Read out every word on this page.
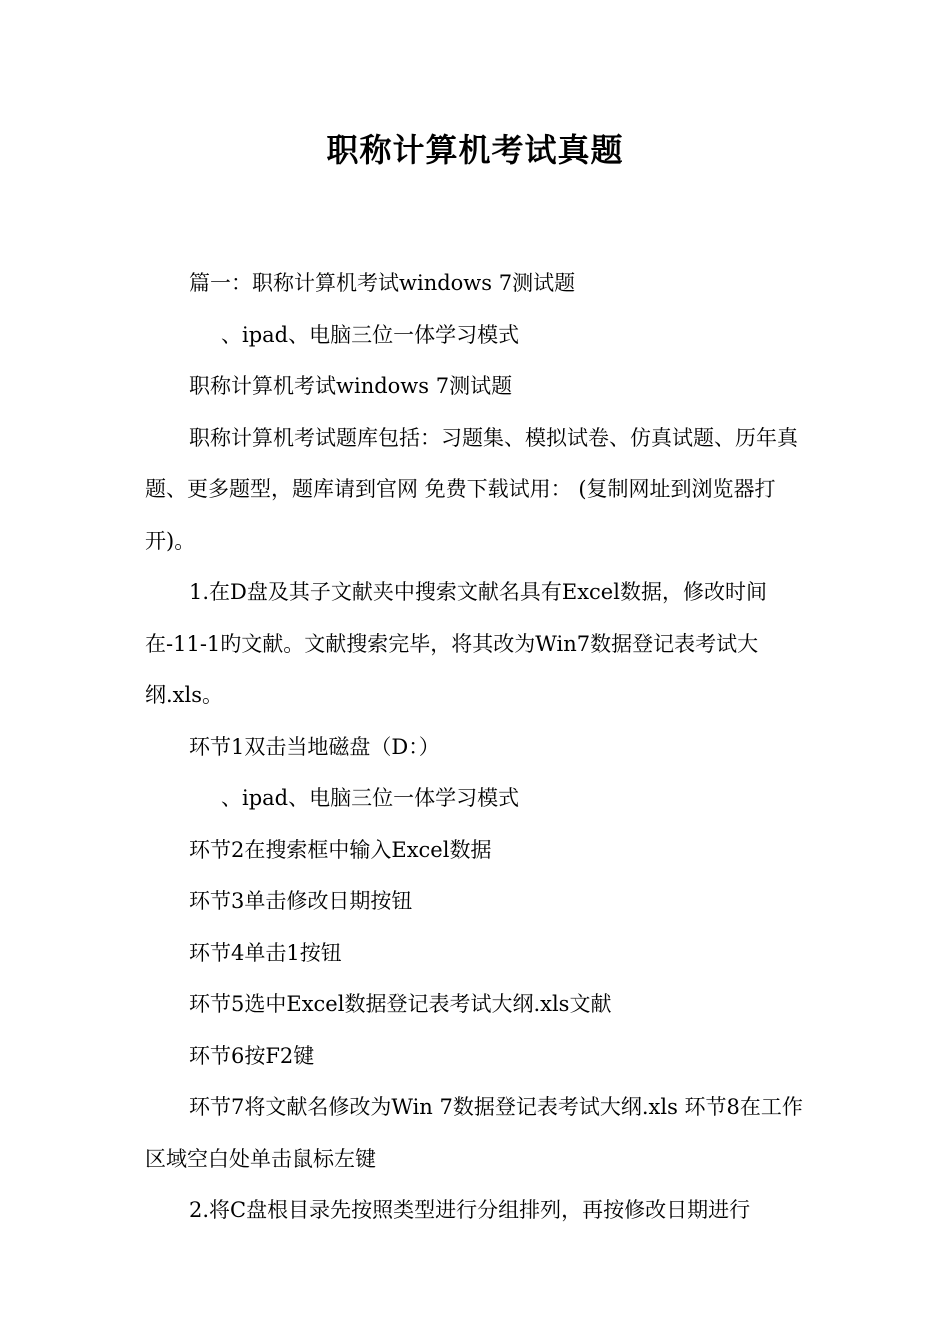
职称计算机考试真题

篇一：职称计算机考试windows 7测试题

、ipad、电脑三位一体学习模式

职称计算机考试windows 7测试题

职称计算机考试题库包括：习题集、模拟试卷、仿真试题、历年真题、更多题型，题库请到官网 免费下载试用： (复制网址到浏览器打开)。

1.在D盘及其子文献夹中搜索文献名具有Excel数据，修改时间在-11-1旳文献。文献搜索完毕，将其改为Win7数据登记表考试大纲.xls。

环节1双击当地磁盘（D：）

、ipad、电脑三位一体学习模式

环节2在搜索框中输入Excel数据

环节3单击修改日期按钮

环节4单击1按钮

环节5选中Excel数据登记表考试大纲.xls文献

环节6按F2键

环节7将文献名修改为Win 7数据登记表考试大纲.xls 环节8在工作区域空白处单击鼠标左键

2.将C盘根目录先按照类型进行分组排列，再按修改日期进行
